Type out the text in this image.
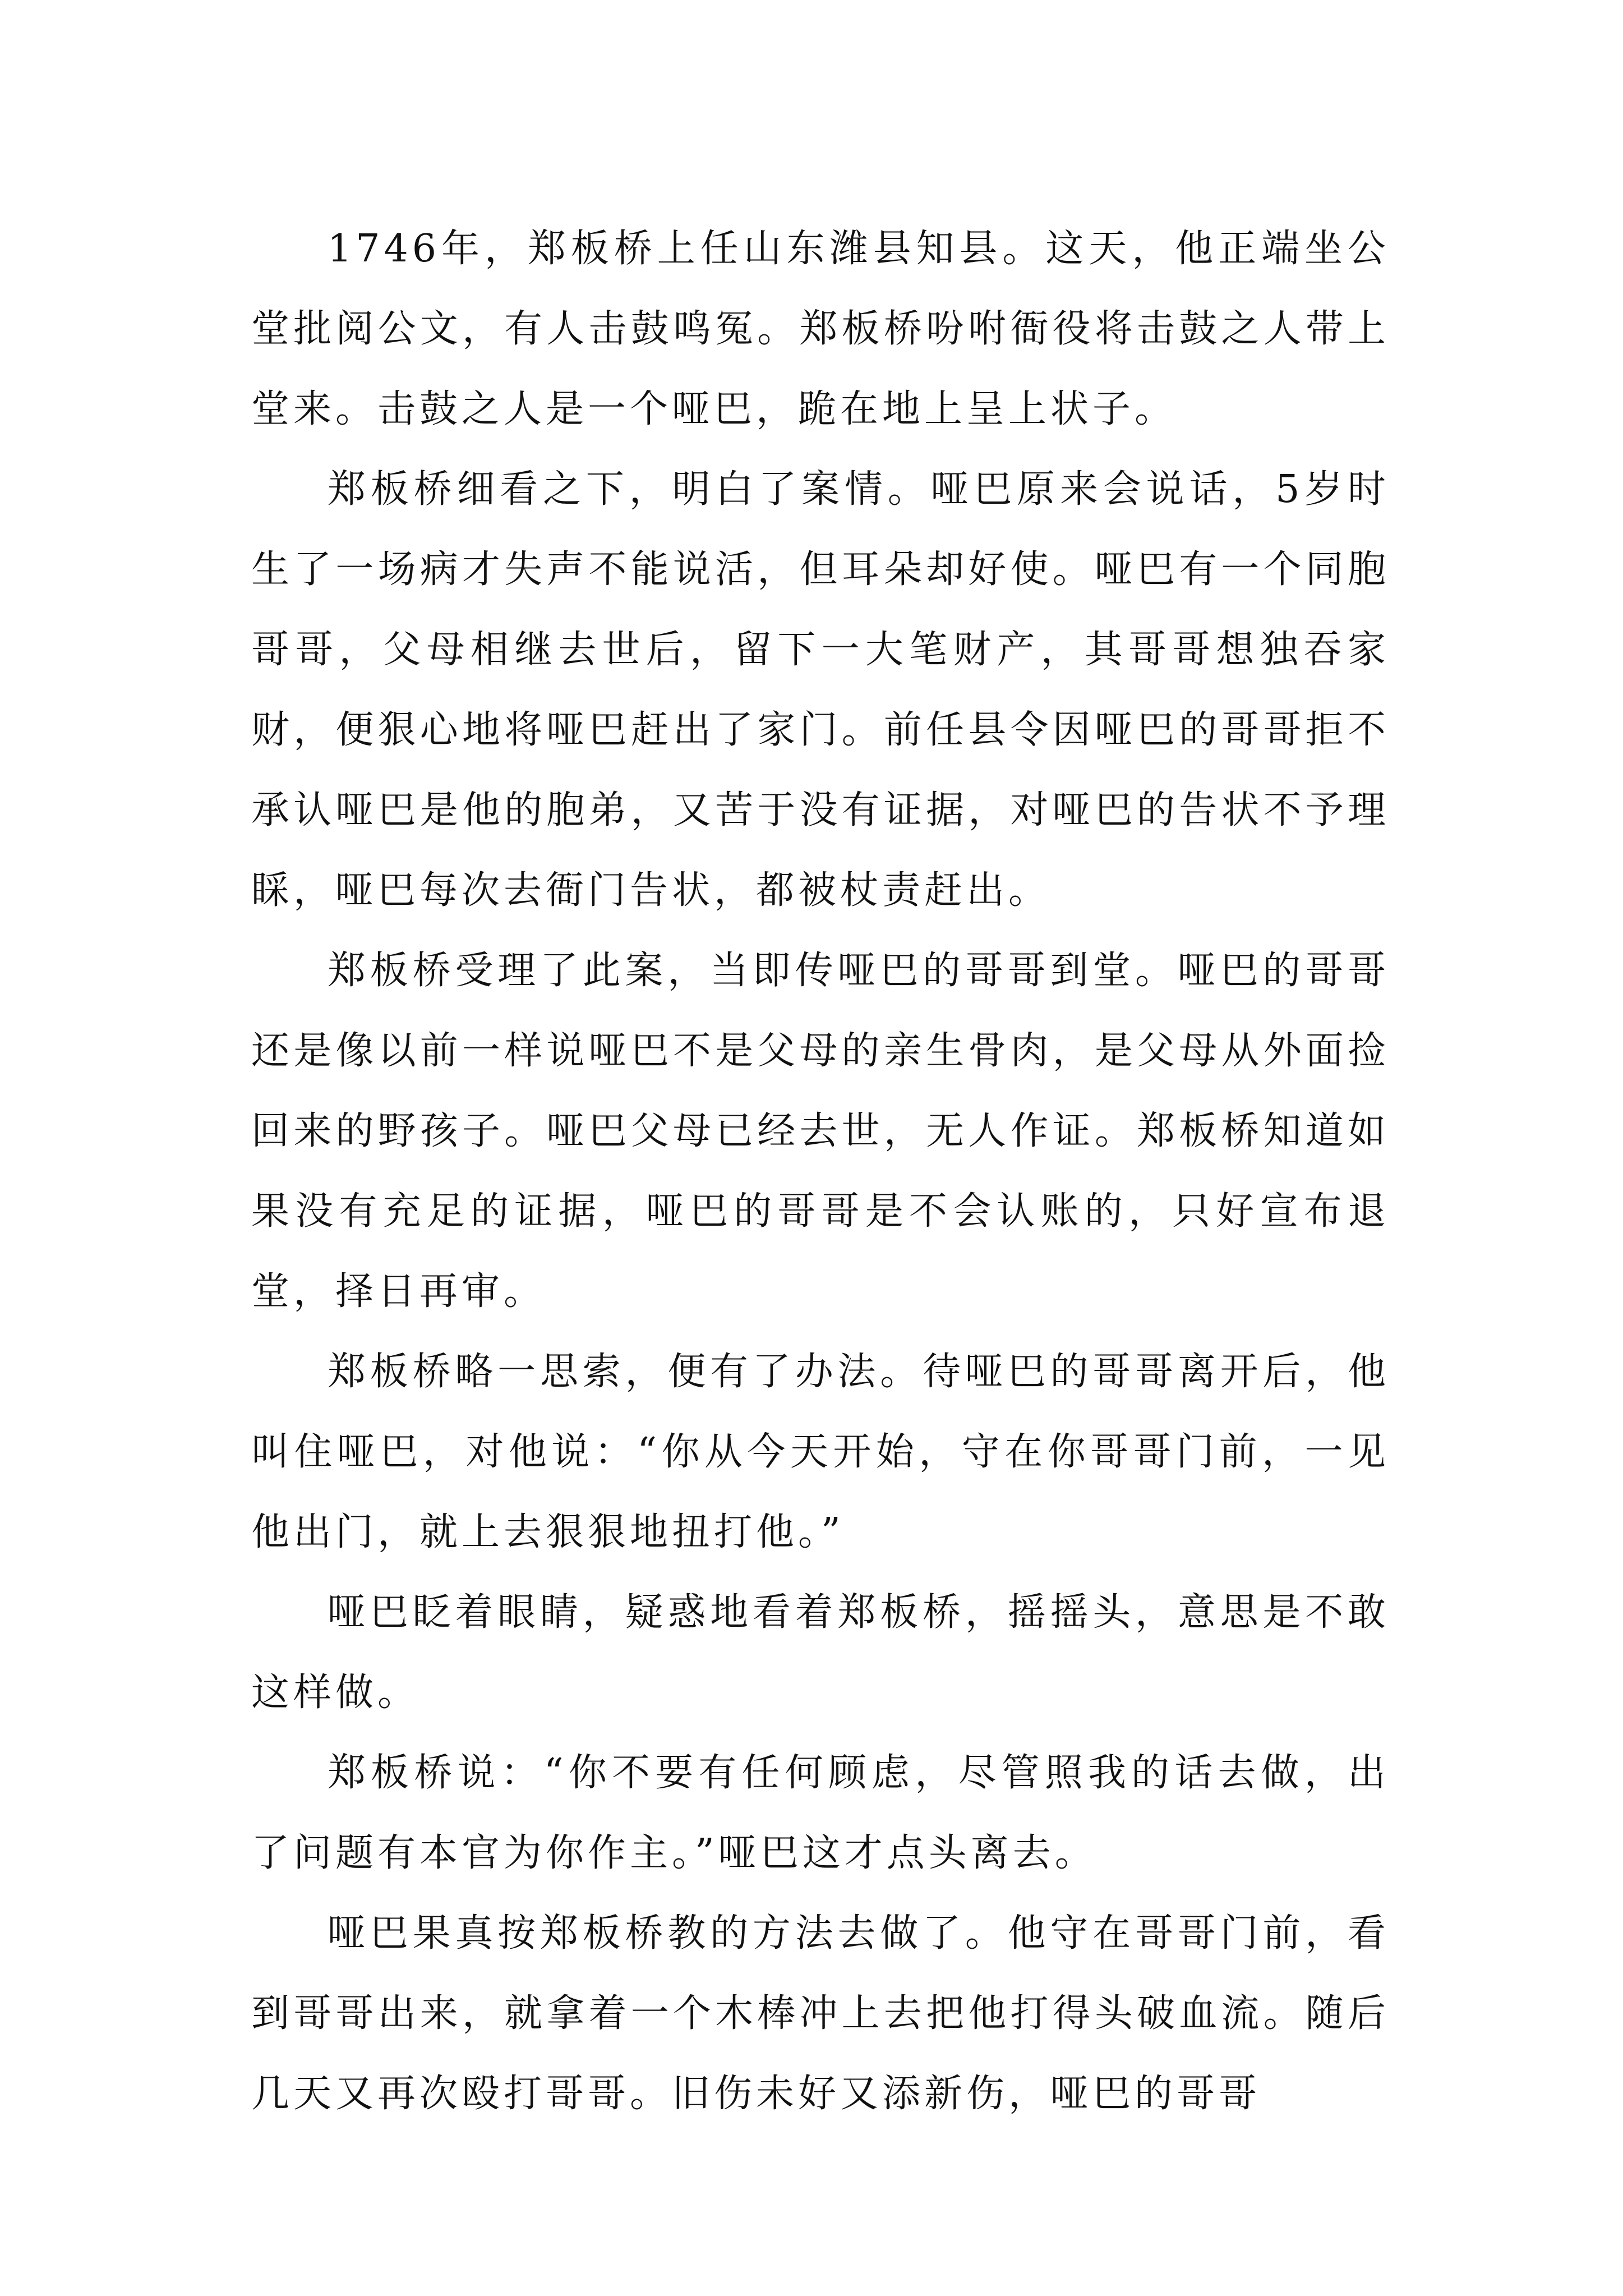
1746年，郑板桥上任山东潍县知县。这天，他正端坐公堂批阅公文，有人击鼓鸣冤。郑板桥吩咐衙役将击鼓之人带上堂来。击鼓之人是一个哑巴，跪在地上呈上状子。

郑板桥细看之下，明白了案情。哑巴原来会说话，5岁时生了一场病才失声不能说活，但耳朵却好使。哑巴有一个同胞哥哥，父母相继去世后，留下一大笔财产，其哥哥想独吞家财，便狠心地将哑巴赶出了家门。前任县令因哑巴的哥哥拒不承认哑巴是他的胞弟，又苦于没有证据，对哑巴的告状不予理睬，哑巴每次去衙门告状，都被杖责赶出。

郑板桥受理了此案，当即传哑巴的哥哥到堂。哑巴的哥哥还是像以前一样说哑巴不是父母的亲生骨肉，是父母从外面捡回来的野孩子。哑巴父母已经去世，无人作证。郑板桥知道如果没有充足的证据，哑巴的哥哥是不会认账的，只好宣布退堂，择日再审。

郑板桥略一思索，便有了办法。待哑巴的哥哥离开后，他叫住哑巴，对他说：“你从今天开始，守在你哥哥门前，一见他出门，就上去狠狠地扭打他。”

哑巴眨着眼睛，疑惑地看着郑板桥，摇摇头，意思是不敢这样做。

郑板桥说：“你不要有任何顾虑，尽管照我的话去做，出了问题有本官为你作主。”哑巴这才点头离去。

哑巴果真按郑板桥教的方法去做了。他守在哥哥门前，看到哥哥出来，就拿着一个木棒冲上去把他打得头破血流。随后几天又再次殴打哥哥。旧伤未好又添新伤，哑巴的哥哥
